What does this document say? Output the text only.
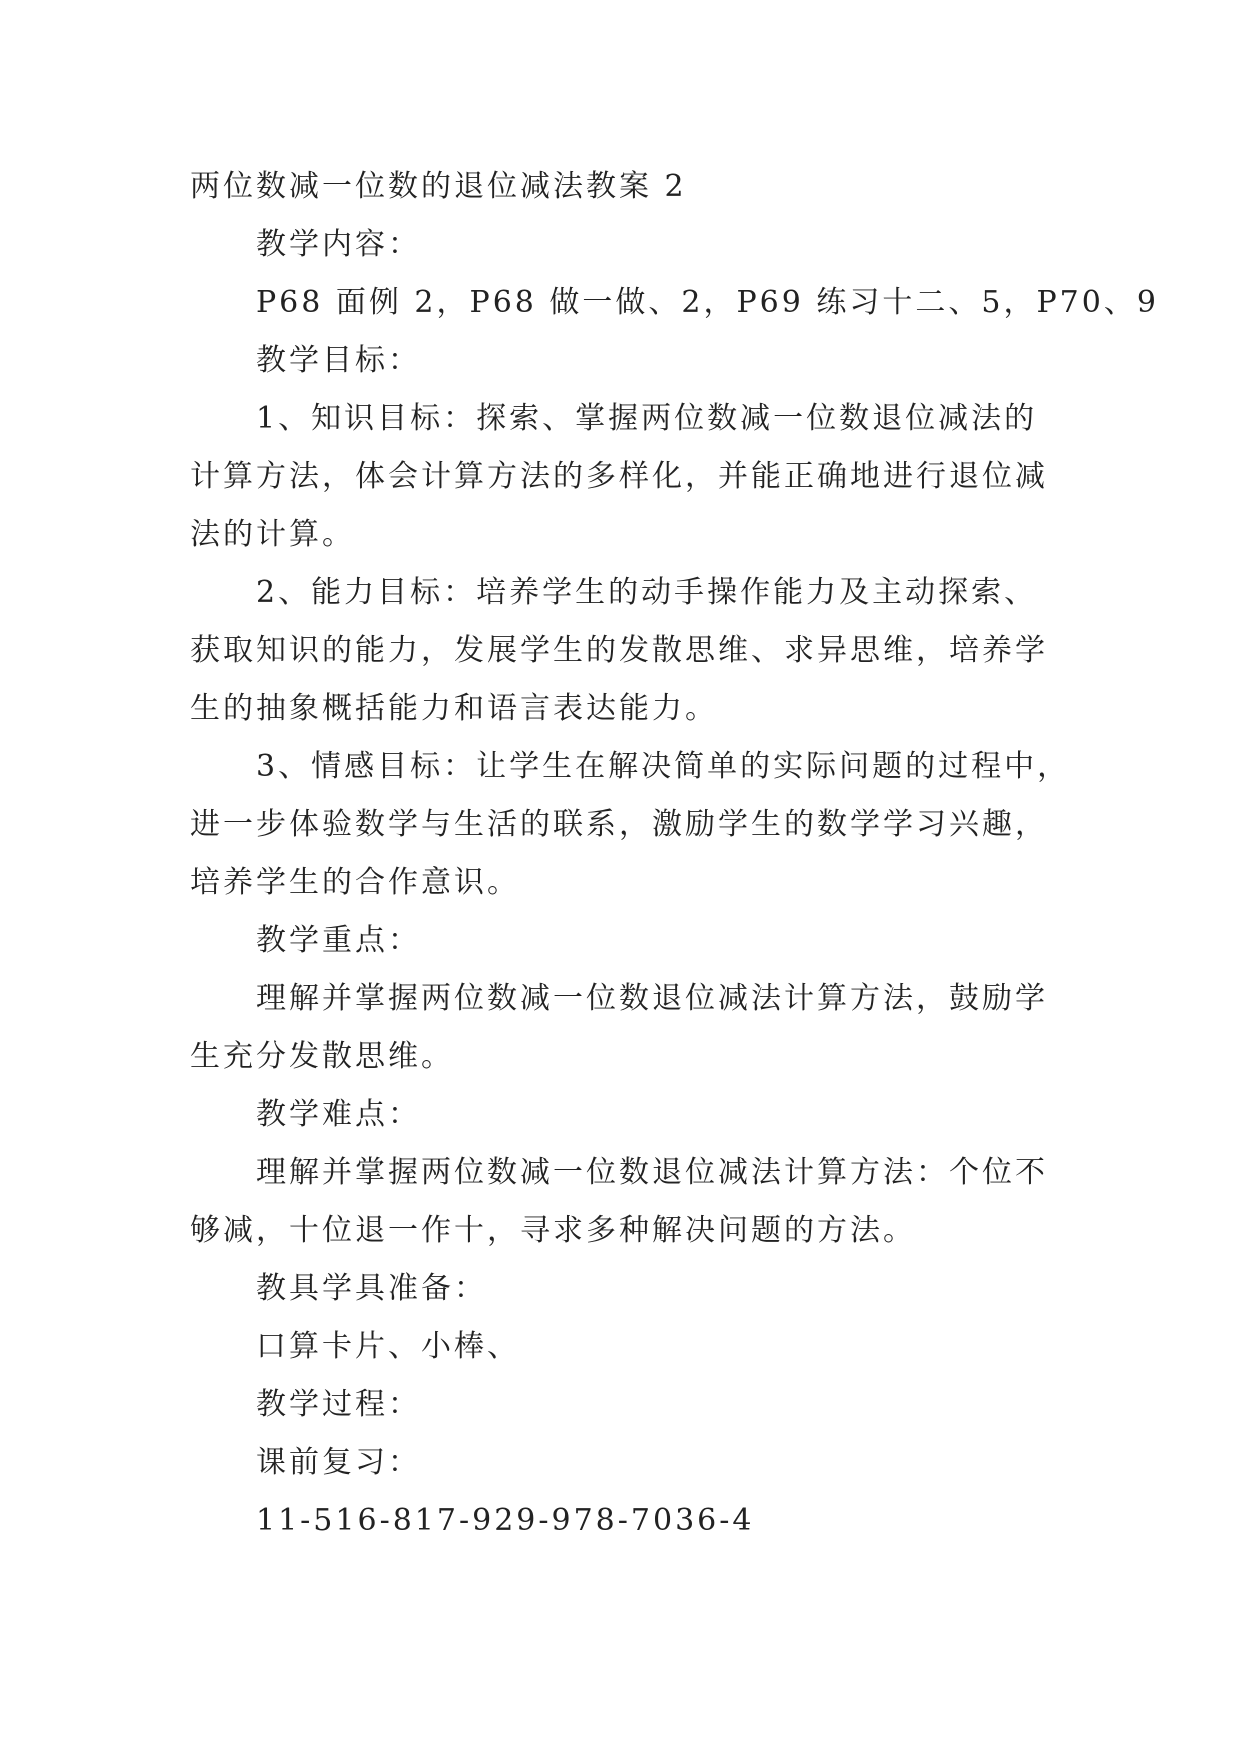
两位数减一位数的退位减法教案 2
教学内容：
P68 面例 2，P68 做一做、2，P69 练习十二、5，P70、9
教学目标：
1、知识目标：探索、掌握两位数减一位数退位减法的
计算方法，体会计算方法的多样化，并能正确地进行退位减
法的计算。
2、能力目标：培养学生的动手操作能力及主动探索、
获取知识的能力，发展学生的发散思维、求异思维，培养学
生的抽象概括能力和语言表达能力。
3、情感目标：让学生在解决简单的实际问题的过程中，
进一步体验数学与生活的联系，激励学生的数学学习兴趣，
培养学生的合作意识。
教学重点：
理解并掌握两位数减一位数退位减法计算方法，鼓励学
生充分发散思维。
教学难点：
理解并掌握两位数减一位数退位减法计算方法：个位不
够减，十位退一作十，寻求多种解决问题的方法。
教具学具准备：
口算卡片、小棒、
教学过程：
课前复习：
11-516-817-929-978-7036-4
